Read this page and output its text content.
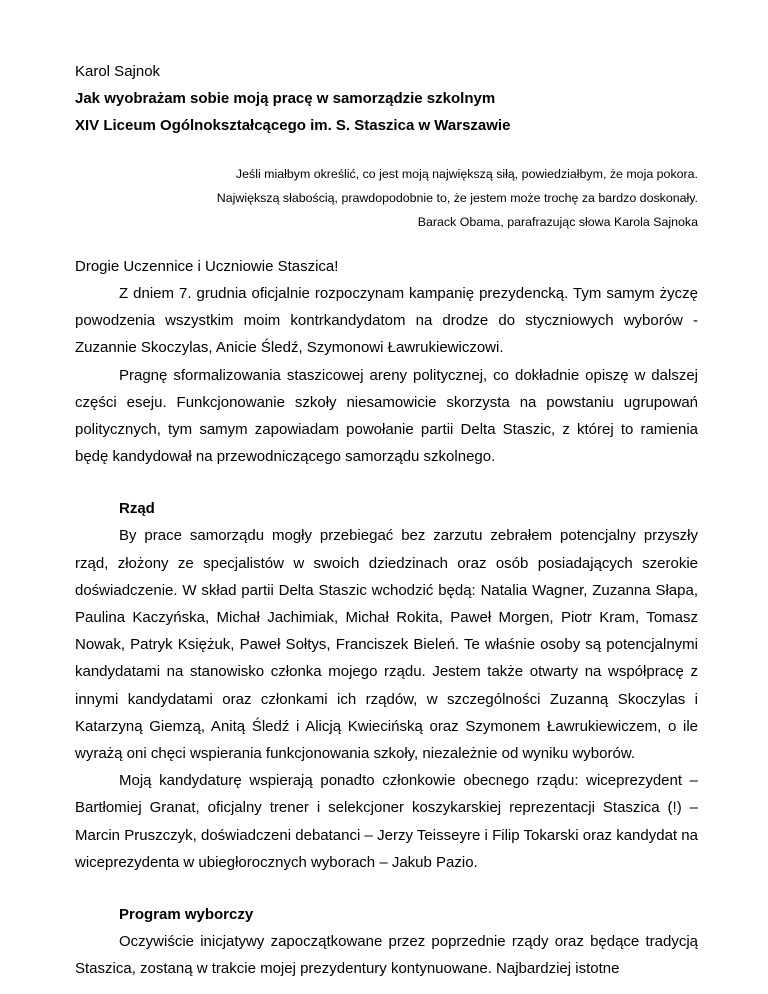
Karol Sajnok
Jak wyobrażam sobie moją pracę w samorządzie szkolnym
XIV Liceum Ogólnokształcącego im. S. Staszica w Warszawie
Jeśli miałbym określić, co jest moją największą siłą, powiedziałbym, że moja pokora.
Największą słabością, prawdopodobnie to, że jestem może trochę za bardzo doskonały.
Barack Obama, parafrazując słowa Karola Sajnoka
Drogie Uczennice i Uczniowie Staszica!

Z dniem 7. grudnia oficjalnie rozpoczynam kampanię prezydencką. Tym samym życzę powodzenia wszystkim moim kontrkandydatom na drodze do styczniowych wyborów - Zuzannie Skoczylas, Anicie Śledź, Szymonowi Ławrukiewiczowi.

Pragnę sformalizowania staszicowej areny politycznej, co dokładnie opiszę w dalszej części eseju. Funkcjonowanie szkoły niesamowicie skorzysta na powstaniu ugrupowań politycznych, tym samym zapowiadam powołanie partii Delta Staszic, z której to ramienia będę kandydował na przewodniczącego samorządu szkolnego.

Rząd

By prace samorządu mogły przebiegać bez zarzutu zebrałem potencjalny przyszły rząd, złożony ze specjalistów w swoich dziedzinach oraz osób posiadających szerokie doświadczenie. W skład partii Delta Staszic wchodzić będą: Natalia Wagner, Zuzanna Słapa, Paulina Kaczyńska, Michał Jachimiak, Michał Rokita, Paweł Morgen, Piotr Kram, Tomasz Nowak, Patryk Księżuk, Paweł Sołtys, Franciszek Bieleń. Te właśnie osoby są potencjalnymi kandydatami na stanowisko członka mojego rządu. Jestem także otwarty na współpracę z innymi kandydatami oraz członkami ich rządów, w szczególności Zuzanną Skoczylas i Katarzyną Giemzą, Anitą Śledź i Alicją Kwiecińską oraz Szymonem Ławrukiewiczem, o ile wyrażą oni chęci wspierania funkcjonowania szkoły, niezależnie od wyniku wyborów.

Moją kandydaturę wspierają ponadto członkowie obecnego rządu: wiceprezydent – Bartłomiej Granat, oficjalny trener i selekcjoner koszykarskiej reprezentacji Staszica (!) – Marcin Pruszczyk, doświadczeni debatanci – Jerzy Teisseyre i Filip Tokarski oraz kandydat na wiceprezydenta w ubiegłorocznych wyborach – Jakub Pazio.

Program wyborczy

Oczywiście inicjatywy zapoczątkowane przez poprzednie rządy oraz będące tradycją Staszica, zostaną w trakcie mojej prezydentury kontynuowane. Najbardziej istotne
